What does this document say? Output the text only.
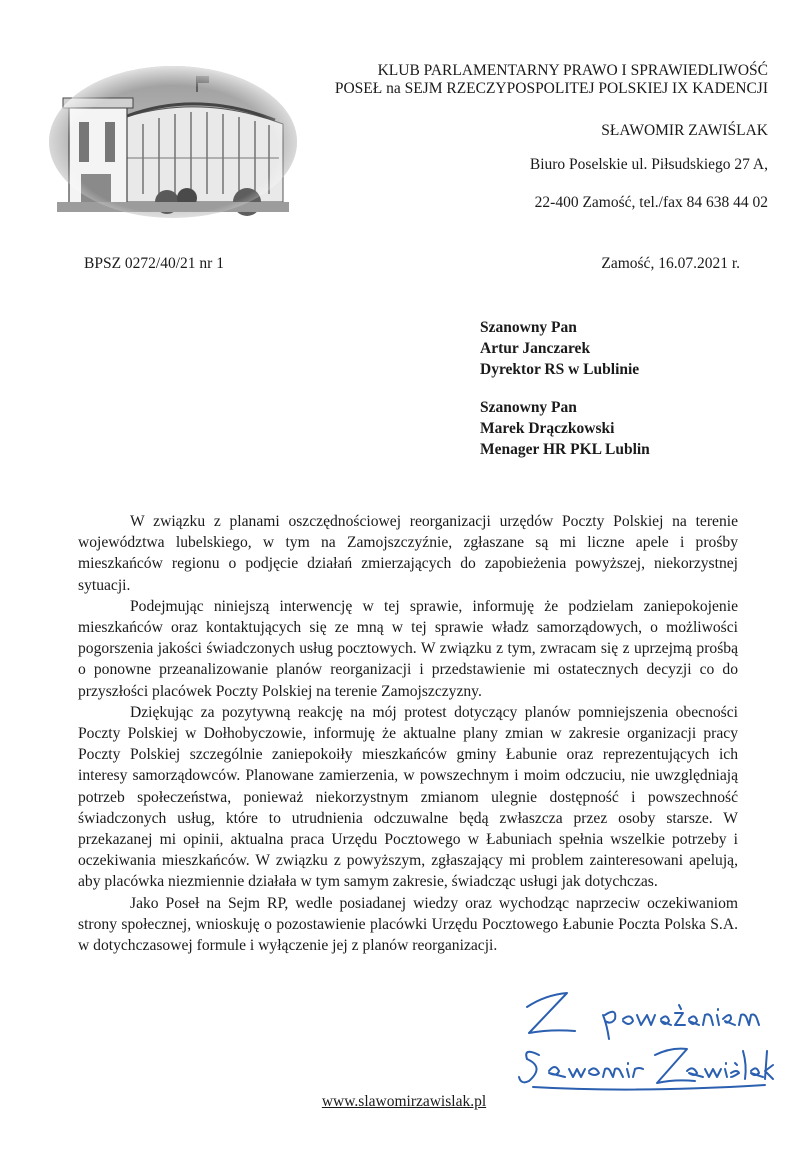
KLUB PARLAMENTARNY PRAWO I SPRAWIEDLIWOŚĆ
POSEŁ na SEJM RZECZYPOSPOLITEJ POLSKIEJ IX KADENCJI
SŁAWOMIR ZAWIŚLAK
Biuro Poselskie ul. Piłsudskiego 27 A,
22-400 Zamość, tel./fax 84 638 44 02
BPSZ 0272/40/21 nr 1	Zamość, 16.07.2021 r.
Szanowny Pan
Artur Janczarek
Dyrektor RS w Lublinie
Szanowny Pan
Marek Drączkowski
Menager HR PKL Lublin

W związku z planami oszczędnościowej reorganizacji urzędów Poczty Polskiej na terenie województwa lubelskiego, w tym na Zamojszczyźnie, zgłaszane są mi liczne apele i prośby mieszkańców regionu o podjęcie działań zmierzających do zapobieżenia powyższej, niekorzystnej sytuacji.

Podejmując niniejszą interwencję w tej sprawie, informuję że podzielam zaniepokojenie mieszkańców oraz kontaktujących się ze mną w tej sprawie władz samorządowych, o możliwości pogorszenia jakości świadczonych usług pocztowych. W związku z tym, zwracam się z uprzejmą prośbą o ponowne przeanalizowanie planów reorganizacji i przedstawienie mi ostatecznych decyzji co do przyszłości placówek Poczty Polskiej na terenie Zamojszczyzny.

Dziękując za pozytywną reakcję na mój protest dotyczący planów pomniejszenia obecności Poczty Polskiej w Dołhobyczowie, informuję że aktualne plany zmian w zakresie organizacji pracy Poczty Polskiej szczególnie zaniepokoiły mieszkańców gminy Łabunie oraz reprezentujących ich interesy samorządowców. Planowane zamierzenia, w powszechnym i moim odczuciu, nie uwzględniają potrzeb społeczeństwa, ponieważ niekorzystnym zmianom ulegnie dostępność i powszechność świadczonych usług, które to utrudnienia odczuwalne będą zwłaszcza przez osoby starsze. W przekazanej mi opinii, aktualna praca Urzędu Pocztowego w Łabuniach spełnia wszelkie potrzeby i oczekiwania mieszkańców. W związku z powyższym, zgłaszający mi problem zainteresowani apelują, aby placówka niezmiennie działała w tym samym zakresie, świadcząc usługi jak dotychczas.

Jako Poseł na Sejm RP, wedle posiadanej wiedzy oraz wychodząc naprzeciw oczekiwaniom strony społecznej, wnioskuję o pozostawienie placówki Urzędu Pocztowego Łabunie Poczta Polska S.A. w dotychczasowej formule i wyłączenie jej z planów reorganizacji.

www.slawomirzawislak.pl
